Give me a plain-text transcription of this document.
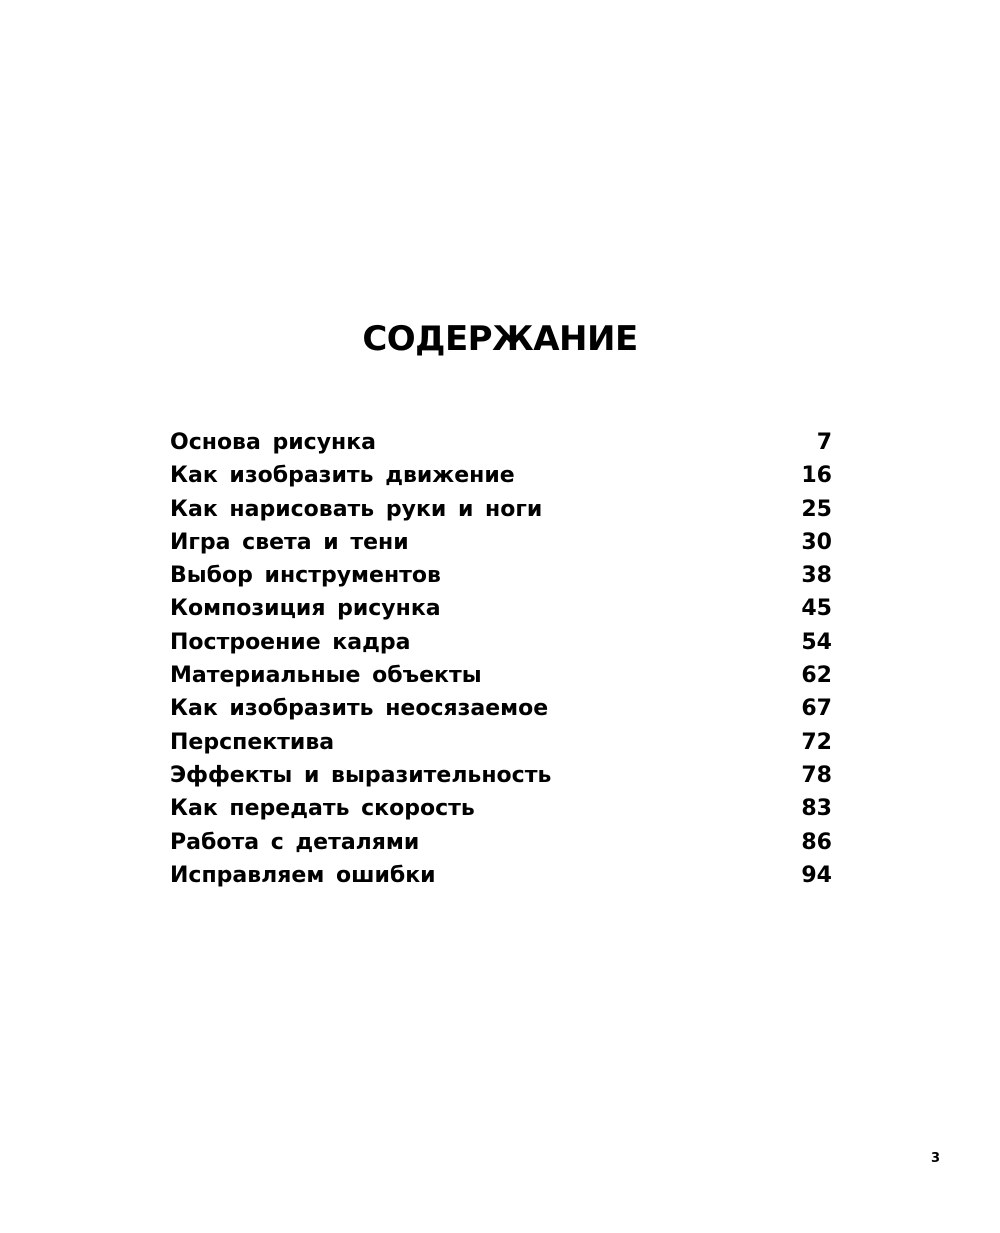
СОДЕРЖАНИЕ
Основа рисунка	7
Как изобразить движение	16
Как нарисовать руки и ноги	25
Игра света и тени	30
Выбор инструментов	38
Композиция рисунка	45
Построение кадра	54
Материальные объекты	62
Как изобразить неосязаемое	67
Перспектива	72
Эффекты и выразительность	78
Как передать скорость	83
Работа с деталями	86
Исправляем ошибки	94
3
